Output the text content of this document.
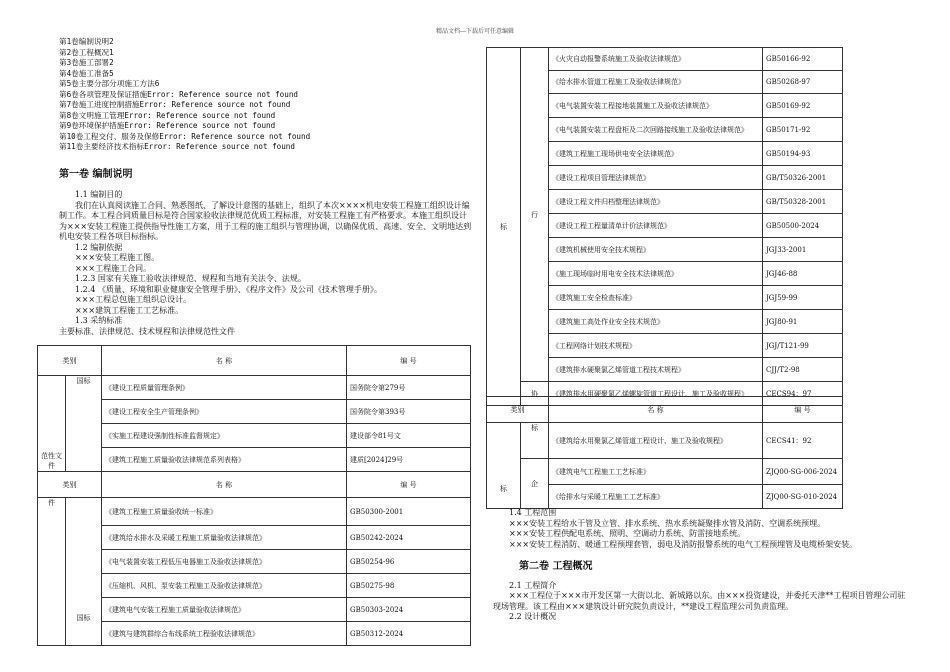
精品文档---下载后可任意编辑
第1卷编制说明2
第2卷工程概况1
第3卷施工部署2
第4卷施工准备5
第5卷主要分部分项施工方法6
第6卷各项管理及保证措施Error: Reference source not found
第7卷施工进度控制措施Error: Reference source not found
第8卷文明施工管理Error: Reference source not found
第9卷环境保护措施Error: Reference source not found
第10卷工程交付、服务及保修Error: Reference source not found
第11卷主要经济技术指标Error: Reference source not found
第一卷 编制说明

1.1 编制目的

我们在认真阅读施工合同、熟悉图纸、了解设计意图的基础上，组织了本次××××机电安装工程施工组织设计编制工作。本工程合同质量目标是符合国家验收法律规范优质工程标准，对安装工程施工有严格要求。本施工组织设计为×××安装工程施工提供指导性施工方案，用于工程的施工组织与管理协调，以确保优质、高速、安全、文明地达到机电安装工程各项目标指标。

1.2 编制依据

×××安装工程施工图。

×××工程施工合同。

1.2.3 国家有关施工验收法律规范、规程和当地有关法令、法规。

1.2.4 《质量、环境和职业健康安全管理手册》、《程序文件》及公司《技术管理手册》。

×××工程总包施工组织总设计。

×××建筑工程施工工艺标准。

1.3 采纳标准

主要标准、法律规范、技术规程和法律规范性文件

类别		名 称	编 号
范性文件	国标	《建设工程质量管理条例》	国务院令第279号
		《建设工程安全生产管理条例》	国务院令第393号
		《实施工程建设强制性标准监督规定》	建设部令81号文
		《建筑工程施工质量验收法律规范系列表格》	建质[2024]29号
类别		名 称	编 号
件	国标	《建筑工程施工质量验收统一标准》	GB50300-2001
		《建筑给水排水及采暖工程施工质量验收法律规范》	GB50242-2024
		《电气装置安装工程低压电器施工及验收法律规范》	GB50254-96
		《压缩机、风机、泵安装工程施工及验收法律规范》	GB50275-98
		《建筑电气安装工程施工质量验收法律规范》	GB50303-2024
		《建筑与建筑群综合布线系统工程验收法律规范》	GB50312-2024
标	行	《火灾自动报警系统施工及验收法律规范》	GB50166-92
		《给水排水管道工程施工及验收法律规范》	GB50268-97
		《电气装置安装工程接地装置施工及验收法律规范》	GB50169-92
		《电气装置安装工程盘柜及二次回路接线施工及验收法律规范》	GB50171-92
		《建筑工程施工现场供电安全法律规范》	GB50194-93
		《建设工程项目管理法律规范》	GB/T50326-2001
		《建设工程文件归档整理法律规范》	GB/T50328-2001
		《建设工程工程量清单计价法律规范》	GB50500-2024
		《建筑机械使用安全技术规程》	JGJ33-2001
		《施工现场临时用电安全技术法律规范》	JGJ46-88
		《建筑施工安全检查标准》	JGJ59-99
		《建筑施工高处作业安全技术规范》	JGJ80-91
		《工程网络计划技术规程》	JGJ/T121-99
		《建筑排水硬聚氯乙烯管道工程技术规程》	CJJ/T2-98
	协	《建筑排水用硬聚氯乙烯螺旋管道工程设计、施工及验收规程》	CECS94：97
类别		名 称	编 号
标	标	《建筑给水用聚氯乙烯管道工程设计、施工及验收规程》	CECS41：92
	企	《建筑电气工程施工工艺标准》	ZJQ00-SG-006-2024
		《给排水与采暖工程施工工艺标准》	ZJQ00-SG-010-2024

1.4 工程范围

×××安装工程给水干管及立管、排水系统、热水系统凝聚排水管及消防、空调系统预埋。

×××安装工程供配电系统、照明、空调动力系统、防雷接地系统。

×××安装工程消防、暖通工程预埋套管，弱电及消防报警系统的电气工程预埋管及电缆桥架安装。

第二卷 工程概况

2.1 工程简介

×××工程位于×××市开发区第一大街以北、新城路以东。由×××投资建设，并委托天津**工程项目管理公司驻现场管理。该工程由×××建筑设计研究院负责设计，**建设工程监理公司负责监理。

2.2 设计概况
